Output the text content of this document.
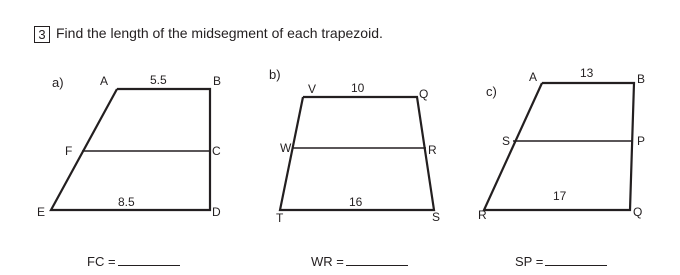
3 Find the length of the midsegment of each trapezoid.
a)	A	B
F	C
E	D
5.5
8.5
b)
V	Q
W	R
T	S
10
16
c)
A	B
S	P
R	Q
13
17
FC =	WR =	SP =
